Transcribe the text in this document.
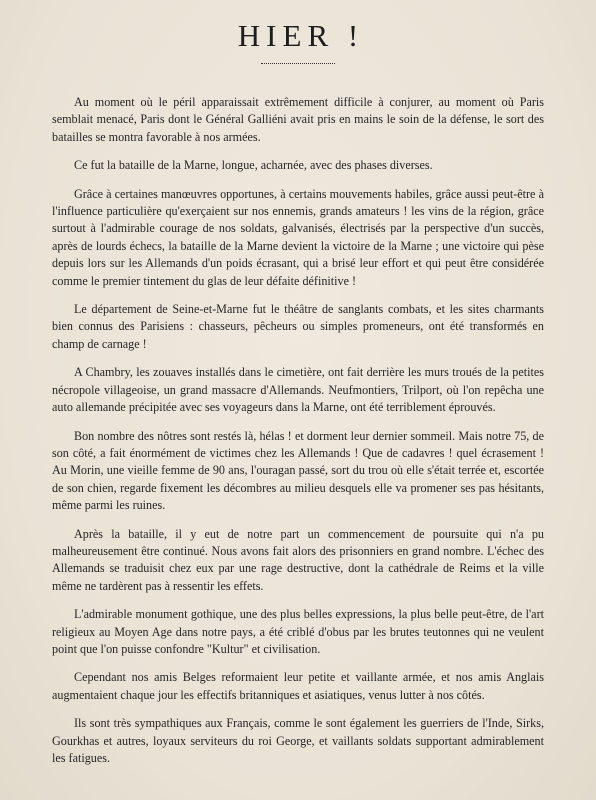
HIER !

Au moment où le péril apparaissait extrêmement difficile à conjurer, au moment où Paris semblait menacé, Paris dont le Général Galliéni avait pris en mains le soin de la défense, le sort des batailles se montra favorable à nos armées.

Ce fut la bataille de la Marne, longue, acharnée, avec des phases diverses.

Grâce à certaines manœuvres opportunes, à certains mouvements habiles, grâce aussi peut-être à l'influence particulière qu'exerçaient sur nos ennemis, grands amateurs ! les vins de la région, grâce surtout à l'admirable courage de nos soldats, galvanisés, électrisés par la perspective d'un succès, après de lourds échecs, la bataille de la Marne devient la victoire de la Marne ; une victoire qui pèse depuis lors sur les Allemands d'un poids écrasant, qui a brisé leur effort et qui peut être considérée comme le premier tintement du glas de leur défaite définitive !

Le département de Seine-et-Marne fut le théâtre de sanglants combats, et les sites charmants bien connus des Parisiens : chasseurs, pêcheurs ou simples promeneurs, ont été transformés en champ de carnage !

A Chambry, les zouaves installés dans le cimetière, ont fait derrière les murs troués de la petites nécropole villageoise, un grand massacre d'Allemands. Neufmontiers, Trilport, où l'on repêcha une auto allemande précipitée avec ses voyageurs dans la Marne, ont été terriblement éprouvés.

Bon nombre des nôtres sont restés là, hélas ! et dorment leur dernier sommeil. Mais notre 75, de son côté, a fait énormément de victimes chez les Allemands ! Que de cadavres ! quel écrasement ! Au Morin, une vieille femme de 90 ans, l'ouragan passé, sort du trou où elle s'était terrée et, escortée de son chien, regarde fixement les décombres au milieu desquels elle va promener ses pas hésitants, même parmi les ruines.

Après la bataille, il y eut de notre part un commencement de poursuite qui n'a pu malheureusement être continué. Nous avons fait alors des prisonniers en grand nombre. L'échec des Allemands se traduisit chez eux par une rage destructive, dont la cathédrale de Reims et la ville même ne tardèrent pas à ressentir les effets.

L'admirable monument gothique, une des plus belles expressions, la plus belle peut-être, de l'art religieux au Moyen Age dans notre pays, a été criblé d'obus par les brutes teutonnes qui ne veulent point que l'on puisse confondre "Kultur" et civilisation.

Cependant nos amis Belges reformaient leur petite et vaillante armée, et nos amis Anglais augmentaient chaque jour les effectifs britanniques et asiatiques, venus lutter à nos côtés.

Ils sont très sympathiques aux Français, comme le sont également les guerriers de l'Inde, Sirks, Gourkhas et autres, loyaux serviteurs du roi George, et vaillants soldats supportant admirablement les fatigues.
